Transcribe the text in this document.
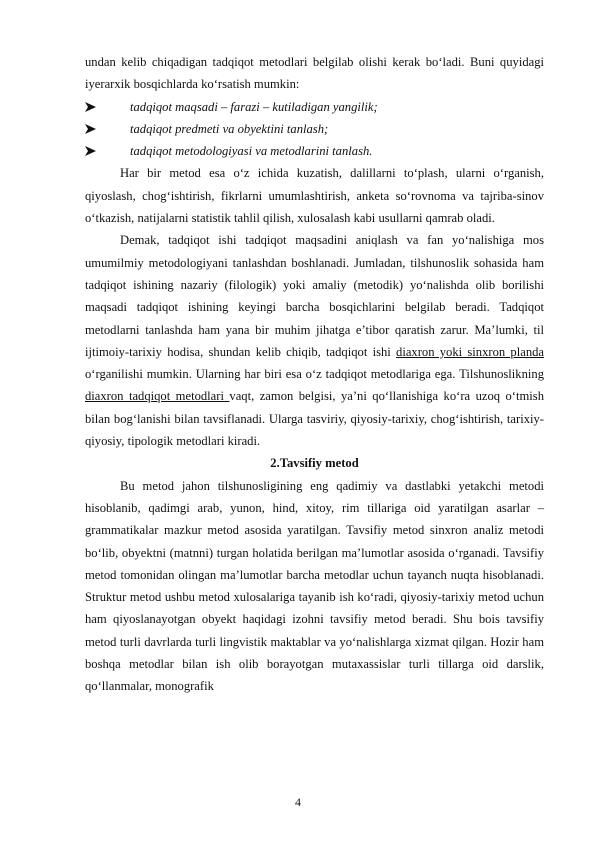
undan kelib chiqadigan tadqiqot metodlari belgilab olishi kerak bo‘ladi. Buni quyidagi iyerarxik bosqichlarda ko‘rsatish mumkin:

tadqiqot maqsadi – farazi – kutiladigan yangilik;
tadqiqot predmeti va obyektini tanlash;
tadqiqot metodologiyasi va metodlarini tanlash.

Har bir metod esa o‘z ichida kuzatish, dalillarni to‘plash, ularni o‘rganish, qiyoslash, chog‘ishtirish, fikrlarni umumlashtirish, anketa so‘rovnoma va tajriba-sinov o‘tkazish, natijalarni statistik tahlil qilish, xulosalash kabi usullarni qamrab oladi.

Demak, tadqiqot ishi tadqiqot maqsadini aniqlash va fan yo‘nalishiga mos umumilmiy metodologiyani tanlashdan boshlanadi. Jumladan, tilshunoslik sohasida ham tadqiqot ishining nazariy (filologik) yoki amaliy (metodik) yo‘nalishda olib borilishi maqsadi tadqiqot ishining keyingi barcha bosqichlarini belgilab beradi. Tadqiqot metodlarni tanlashda ham yana bir muhim jihatga e’tibor qaratish zarur. Ma’lumki, til ijtimoiy-tarixiy hodisa, shundan kelib chiqib, tadqiqot ishi diaxron yoki sinxron planda o‘rganilishi mumkin. Ularning har biri esa o‘z tadqiqot metodlariga ega. Tilshunoslikning diaxron tadqiqot metodlari vaqt, zamon belgisi, ya’ni qo‘llanishiga ko‘ra uzoq o‘tmish bilan bog‘lanishi bilan tavsiflanadi. Ularga tasviriy, qiyosiy-tarixiy, chog‘ishtirish, tarixiy-qiyosiy, tipologik metodlari kiradi.

2.Tavsifiy metod

Bu metod jahon tilshunosligining eng qadimiy va dastlabki yetakchi metodi hisoblanib, qadimgi arab, yunon, hind, xitoy, rim tillariga oid yaratilgan asarlar – grammatikalar mazkur metod asosida yaratilgan. Tavsifiy metod sinxron analiz metodi bo‘lib, obyektni (matnni) turgan holatida berilgan ma’lumotlar asosida o‘rganadi. Tavsifiy metod tomonidan olingan ma’lumotlar barcha metodlar uchun tayanch nuqta hisoblanadi. Struktur metod ushbu metod xulosalariga tayanib ish ko‘radi, qiyosiy-tarixiy metod uchun ham qiyoslanayotgan obyekt haqidagi izohni tavsifiy metod beradi. Shu bois tavsifiy metod turli davrlarda turli lingvistik maktablar va yo‘nalishlarga xizmat qilgan. Hozir ham boshqa metodlar bilan ish olib borayotgan mutaxassislar turli tillarga oid darslik, qo‘llanmalar, monografik

4
